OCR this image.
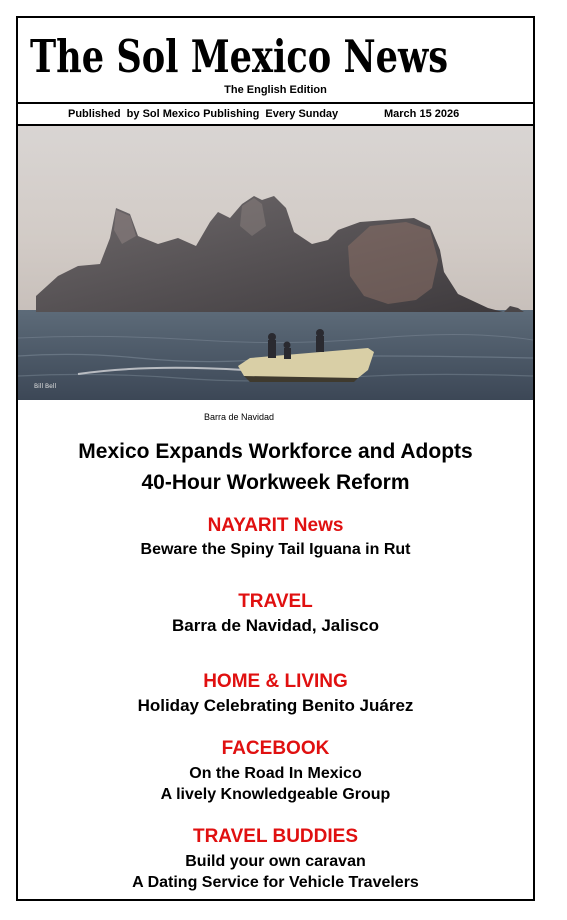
The Sol Mexico News
The English Edition
Published  by Sol Mexico Publishing  Every Sunday	March 15 2026
Bill Bell
Barra de Navidad
Mexico Expands Workforce and Adopts
40-Hour Workweek Reform
NAYARIT News
Beware the Spiny Tail Iguana in Rut
TRAVEL
Barra de Navidad, Jalisco
HOME & LIVING
Holiday Celebrating Benito Juárez
FACEBOOK
On the Road In Mexico
A lively Knowledgeable Group
TRAVEL BUDDIES
Build your own caravan
A Dating Service for Vehicle Travelers
